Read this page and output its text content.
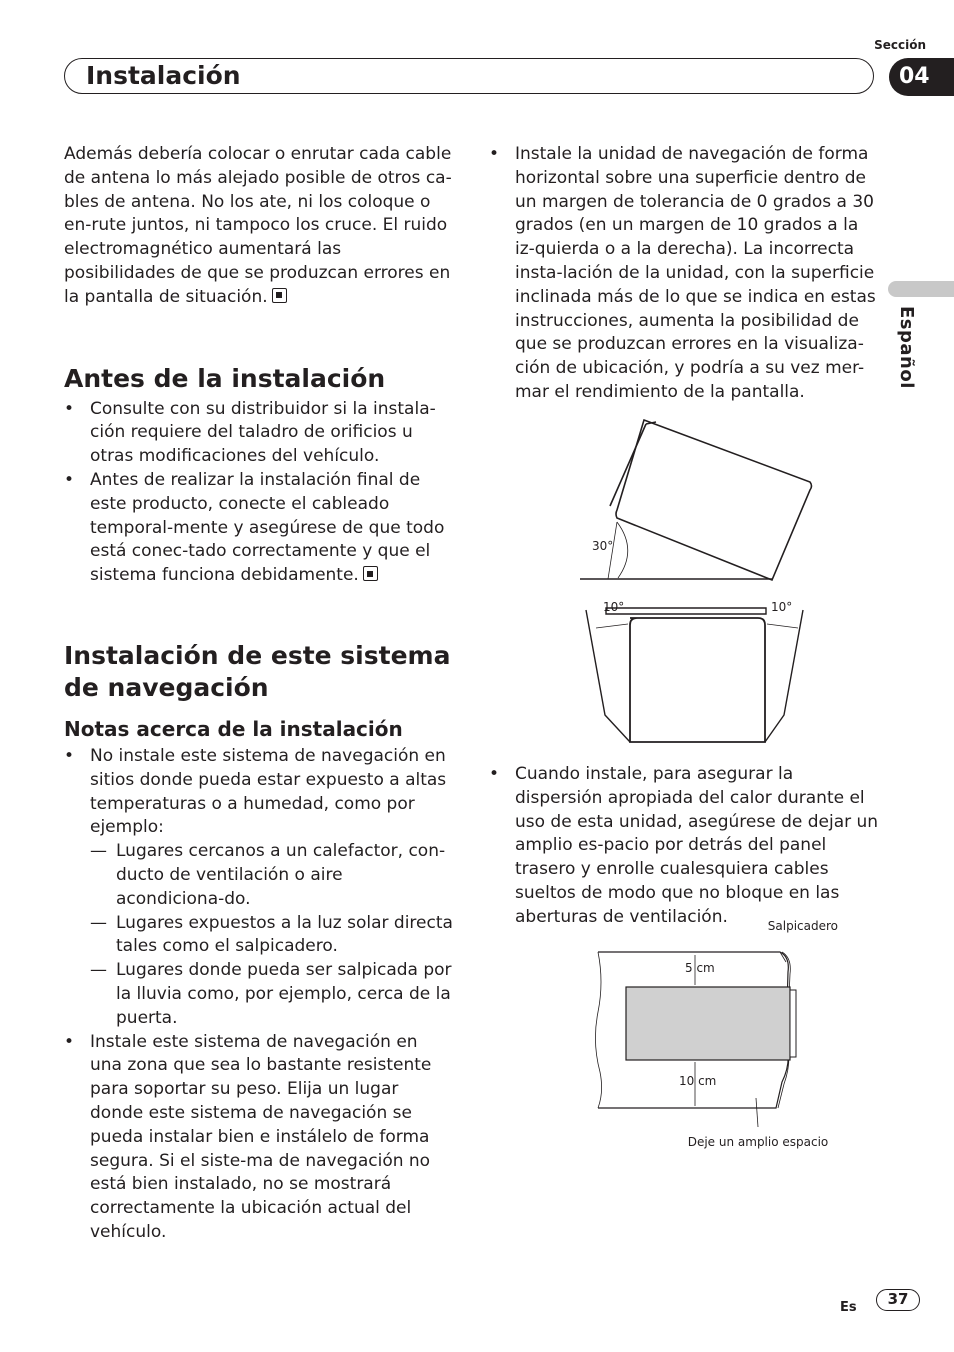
Sección
Instalación	04
Español

Además debería colocar o enrutar cada cable de antena lo más alejado posible de otros ca-bles de antena. No los ate, ni los coloque o en-rute juntos, ni tampoco los cruce. El ruido electromagnético aumentará las posibilidades de que se produzcan errores en la pantalla de situación.

Antes de la instalación
• Consulte con su distribuidor si la instala-ción requiere del taladro de orificios u otras modificaciones del vehículo.
• Antes de realizar la instalación final de este producto, conecte el cableado temporal-mente y asegúrese de que todo está conec-tado correctamente y que el sistema funciona debidamente.
Instalación de este sistema de navegación
Notas acerca de la instalación
• No instale este sistema de navegación en sitios donde pueda estar expuesto a altas temperaturas o a humedad, como por ejemplo:
— Lugares cercanos a un calefactor, con-ducto de ventilación o aire acondiciona-do.
— Lugares expuestos a la luz solar directa tales como el salpicadero.
— Lugares donde pueda ser salpicada por la lluvia como, por ejemplo, cerca de la puerta.
• Instale este sistema de navegación en una zona que sea lo bastante resistente para soportar su peso. Elija un lugar donde este sistema de navegación se pueda instalar bien e instálelo de forma segura. Si el siste-ma de navegación no está bien instalado, no se mostrará correctamente la ubicación actual del vehículo.
• Instale la unidad de navegación de forma horizontal sobre una superficie dentro de un margen de tolerancia de 0 grados a 30 grados (en un margen de 10 grados a la iz-quierda o a la derecha). La incorrecta insta-lación de la unidad, con la superficie inclinada más de lo que se indica en estas instrucciones, aumenta la posibilidad de que se produzcan errores en la visualiza-ción de ubicación, y podría a su vez mer-mar el rendimiento de la pantalla.
30°
10°	10°
• Cuando instale, para asegurar la dispersión apropiada del calor durante el uso de esta unidad, asegúrese de dejar un amplio es-pacio por detrás del panel trasero y enrolle cualesquiera cables sueltos de modo que no bloque en las aberturas de ventilación.	Salpicadero
5 cm
10 cm
Deje un amplio espacio
Es	37
